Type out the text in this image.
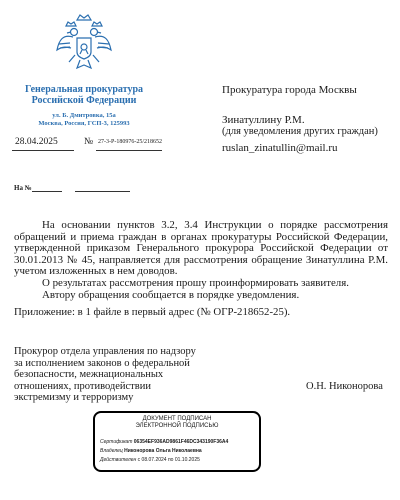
Генеральная прокуратура
Российской Федерации
ул. Б. Дмитровка, 15а
Москва, Россия, ГСП-3, 125993
28.04.2025	№ 27-3-Р-180976-25/218652
На №
Прокуратура города Москвы
Зинатуллину Р.М.
(для уведомления других граждан)
ruslan_zinatullin@mail.ru
На основании пунктов 3.2, 3.4 Инструкции о порядке рассмотрения обращений и приема граждан в органах прокуратуры Российской Федерации, утвержденной приказом Генерального прокурора Российской Федерации от 30.01.2013 № 45, направляется для рассмотрения обращение Зинатуллина Р.М. учетом изложенных в нем доводов.
О результатах рассмотрения прошу проинформировать заявителя.
Автору обращения сообщается в порядке уведомления.
Приложение: в 1 файле в первый адрес (№ ОГР-218652-25).
Прокурор отдела управления по надзору
за исполнением законов о федеральной
безопасности, межнациональных
отношениях, противодействии
экстремизму и терроризму
О.Н. Никонорова
ДОКУМЕНТ ПОДПИСАН
ЭЛЕКТРОННОЙ ПОДПИСЬЮ
Сертификат 06354EF936AD9861F46DC343190F36A4
Владелец Никонорова Ольга Николаевна
Действителен с 08.07.2024 по 01.10.2025
